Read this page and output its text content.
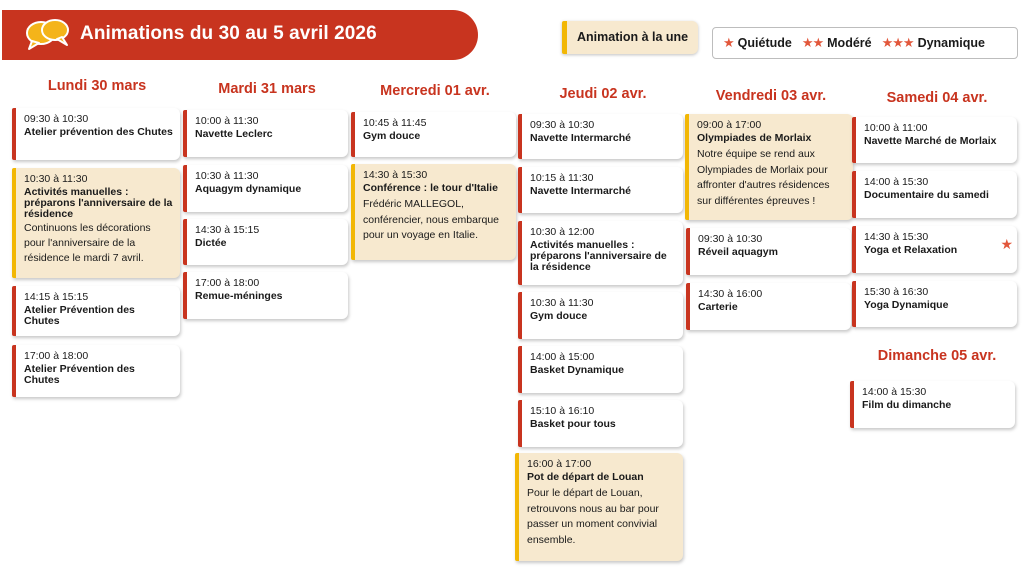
Animations du 30 au 5 avril 2026	Animation à la une	★ Quiétude ★★ Modéré ★★★ Dynamique
Lundi 30 mars	Mardi 31 mars	Mercredi 01 avr.	Jeudi 02 avr.	Vendredi 03 avr.	Samedi 04 avr.
Dimanche 05 avr.
09:30 à 10:30
Atelier prévention des Chutes
10:30 à 11:30
Activités manuelles : préparons l'anniversaire de la résidence
Continuons les décorations pour l'anniversaire de la résidence le mardi 7 avril.
14:15 à 15:15
Atelier Prévention des Chutes
17:00 à 18:00
Atelier Prévention des Chutes
10:00 à 11:30
Navette Leclerc
10:30 à 11:30
Aquagym dynamique
14:30 à 15:15
Dictée
17:00 à 18:00
Remue-méninges
10:45 à 11:45
Gym douce
14:30 à 15:30
Conférence : le tour d'Italie
Frédéric MALLEGOL, conférencier, nous embarque pour un voyage en Italie.
09:30 à 10:30
Navette Intermarché
10:15 à 11:30
Navette Intermarché
10:30 à 12:00
Activités manuelles : préparons l'anniversaire de la résidence
10:30 à 11:30
Gym douce
14:00 à 15:00
Basket Dynamique
15:10 à 16:10
Basket pour tous
16:00 à 17:00
Pot de départ de Louan
Pour le départ de Louan, retrouvons nous au bar pour passer un moment convivial ensemble.
09:00 à 17:00
Olympiades de Morlaix
Notre équipe se rend aux Olympiades de Morlaix pour affronter d'autres résidences sur différentes épreuves !
09:30 à 10:30
Réveil aquagym
14:30 à 16:00
Carterie
10:00 à 11:00
Navette Marché de Morlaix
14:00 à 15:30
Documentaire du samedi
14:30 à 15:30
Yoga et Relaxation	★
15:30 à 16:30
Yoga Dynamique
14:00 à 15:30
Film du dimanche
